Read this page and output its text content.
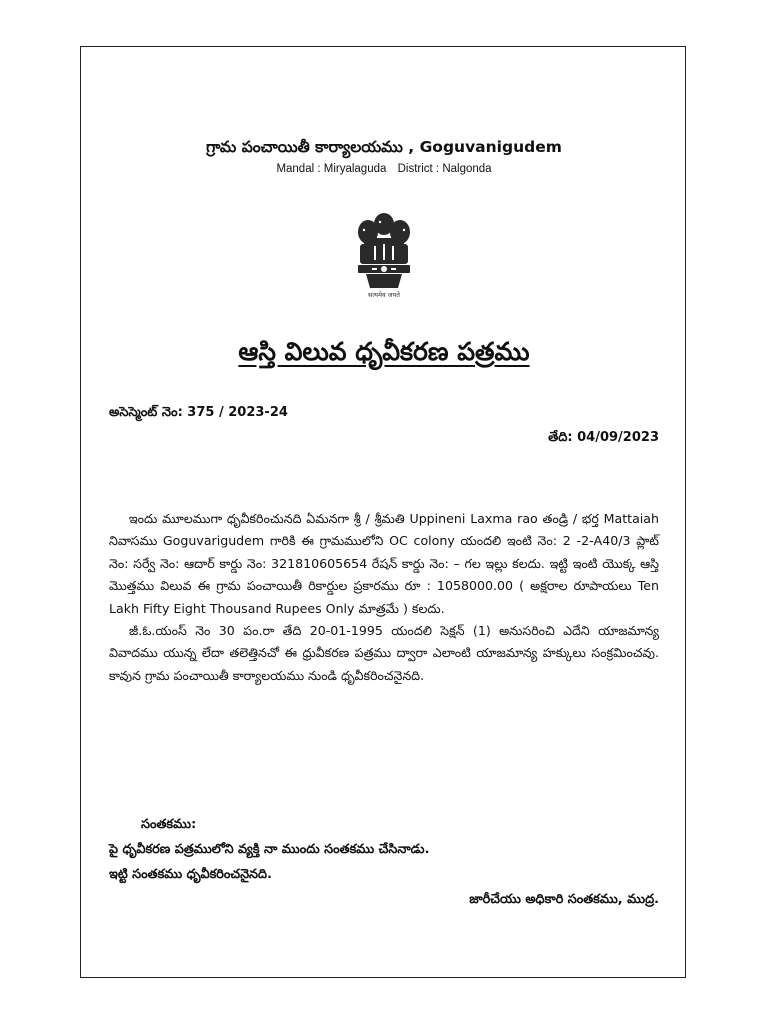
గ్రామ పంచాయితీ కార్యాలయము , Goguvanigudem
Mandal : Miryalaguda District : Nalgonda
सत्यमेव जयते
ఆస్తి విలువ ధృవీకరణ పత్రము
అసెస్మెంట్ నెం: 375 / 2023-24
తేది: 04/09/2023

ఇందు మూలముగా ధృవీకరించునది ఏమనగా శ్రీ / శ్రీమతి Uppineni Laxma rao తండ్రి / భర్త Mattaiah నివాసము Goguvarigudem గారికి ఈ గ్రామములోని OC colony యందలి ఇంటి నెం: 2 -2-A40/3 ప్లాట్ నెం: సర్వే నెం: ఆదార్ కార్డు నెం: 321810605654 రేషన్ కార్డు నెం: – గల ఇల్లు కలదు. ఇట్టి ఇంటి యొక్క ఆస్తి మొత్తము విలువ ఈ గ్రామ పంచాయితీ రికార్డుల ప్రకారము రూ : 1058000.00 ( అక్షరాల రూపాయలు Ten Lakh Fifty Eight Thousand Rupees Only మాత్రమే ) కలదు.

జీ.ఓ.యంస్ నెం 30 పం.రా తేది 20-01-1995 యందలి సెక్షన్ (1) అనుసరించి ఎదేని యాజమాన్య వివాదము యున్న లేదా తలెత్తినచో ఈ ధ్రువీకరణ పత్రము ద్వారా ఎలాంటి యాజమాన్య హక్కులు సంక్రమించవు. కావున గ్రామ పంచాయితీ కార్యాలయము నుండి ధృవీకరించనైనది.

సంతకము:
పై ధృవీకరణ పత్రములోని వ్యక్తి నా ముందు సంతకము చేసినాడు.
ఇట్టి సంతకము ధృవీకరించనైనది.
జారీచేయు అధికారి సంతకము, ముద్ర.
